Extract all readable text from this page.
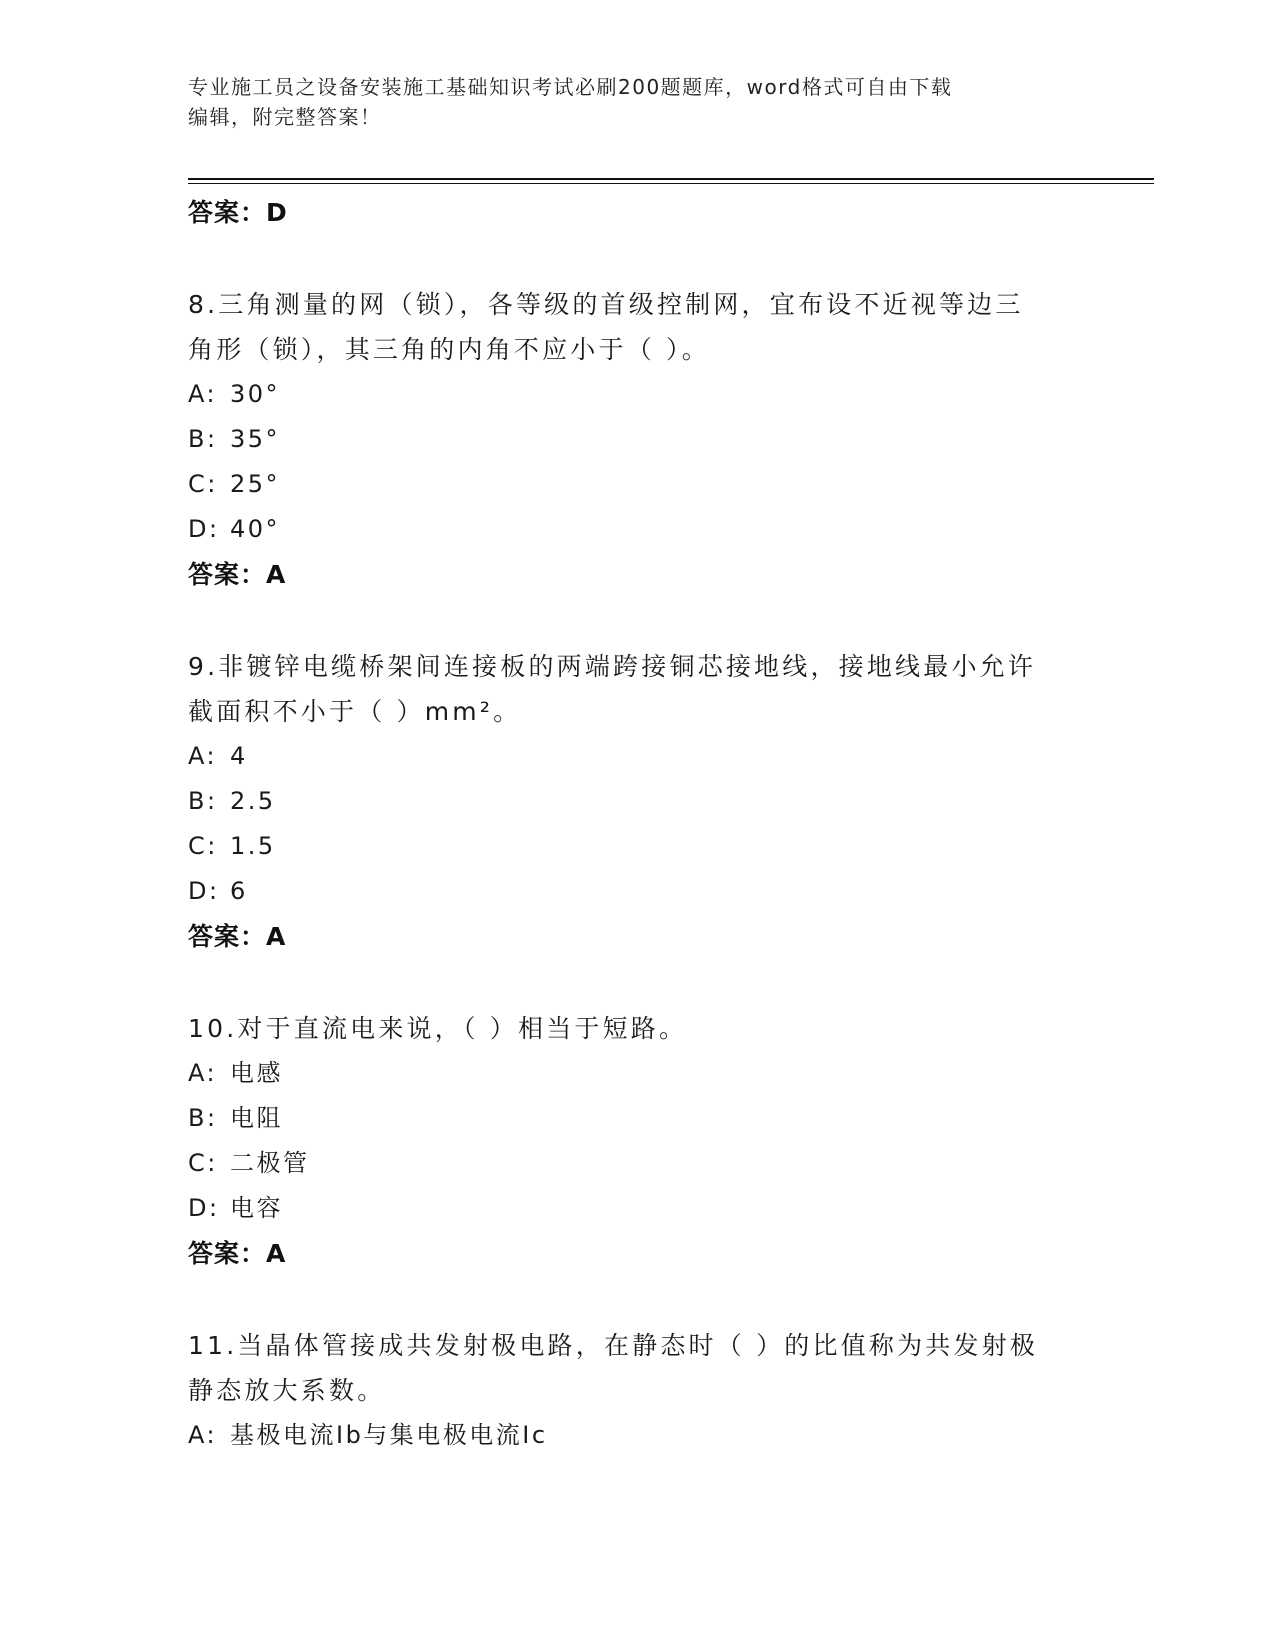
专业施工员之设备安装施工基础知识考试必刷200题题库，word格式可自由下载
编辑，附完整答案！
答案：D
8.三角测量的网（锁），各等级的首级控制网，宜布设不近视等边三
角形（锁），其三角的内角不应小于（ ）。
A: 30°
B: 35°
C: 25°
D: 40°
答案：A
9.非镀锌电缆桥架间连接板的两端跨接铜芯接地线，接地线最小允许
截面积不小于（ ）mm²。
A: 4
B: 2.5
C: 1.5
D: 6
答案：A
10.对于直流电来说，（ ）相当于短路。
A: 电感
B: 电阻
C: 二极管
D: 电容
答案：A
11.当晶体管接成共发射极电路，在静态时（ ）的比值称为共发射极
静态放大系数。
A: 基极电流Ib与集电极电流Ic
